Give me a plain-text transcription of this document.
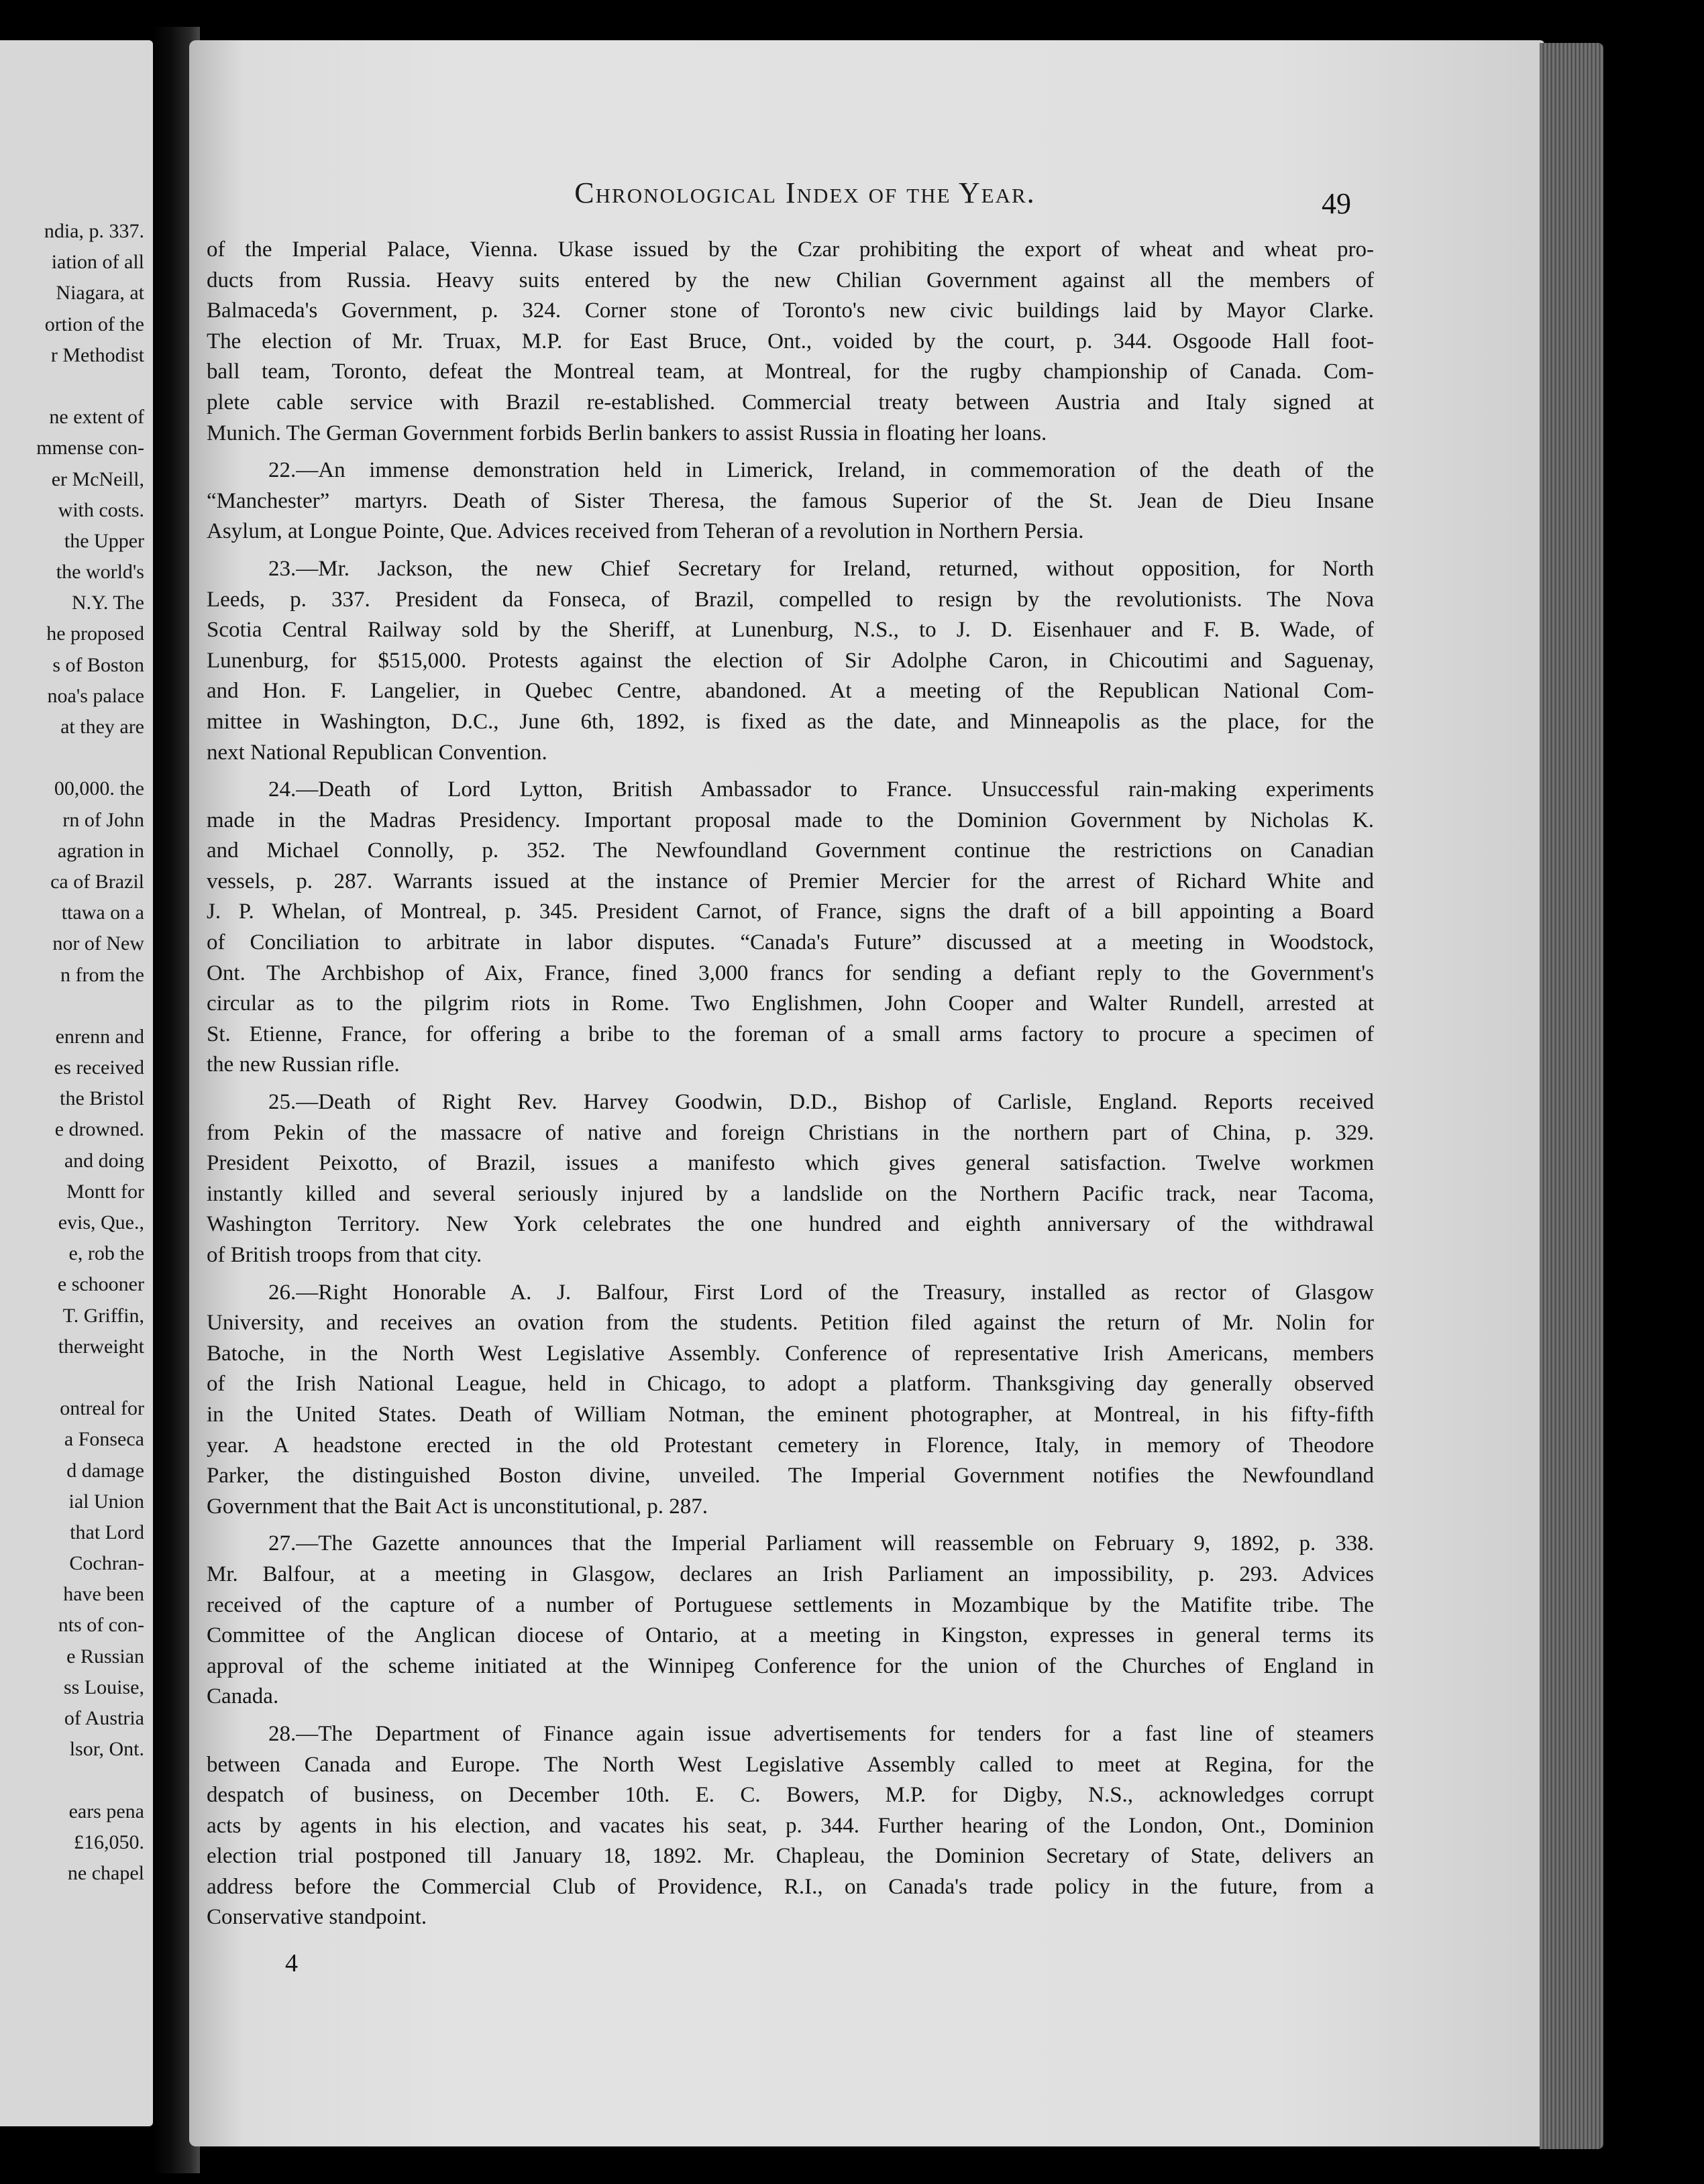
ndia, p. 337.
iation of all
Niagara, at
ortion of the
r Methodist
ne extent of
mmense con-
er McNeill,
with costs.
the Upper
the world's
N.Y. The
he proposed
s of Boston
noa's palace
at they are
00,000. the
rn of John
agration in
ca of Brazil
ttawa on a
nor of New
n from the
enrenn and
es received
the Bristol
e drowned.
and doing
Montt for
evis, Que.,
e, rob the
e schooner
T. Griffin,
therweight
ontreal for
a Fonseca
d damage
ial Union
that Lord
Cochran-
have been
nts of con-
e Russian
ss Louise,
of Austria
lsor, Ont.
ears pena
£16,050.
ne chapel
Chronological Index of the Year.	49
of the Imperial Palace, Vienna. Ukase issued by the Czar prohibiting the export of wheat and wheat pro-
ducts from Russia. Heavy suits entered by the new Chilian Government against all the members of
Balmaceda's Government, p. 324. Corner stone of Toronto's new civic buildings laid by Mayor Clarke.
The election of Mr. Truax, M.P. for East Bruce, Ont., voided by the court, p. 344. Osgoode Hall foot-
ball team, Toronto, defeat the Montreal team, at Montreal, for the rugby championship of Canada. Com-
plete cable service with Brazil re-established. Commercial treaty between Austria and Italy signed at
Munich. The German Government forbids Berlin bankers to assist Russia in floating her loans.
22.—An immense demonstration held in Limerick, Ireland, in commemoration of the death of the
“Manchester” martyrs. Death of Sister Theresa, the famous Superior of the St. Jean de Dieu Insane
Asylum, at Longue Pointe, Que. Advices received from Teheran of a revolution in Northern Persia.
23.—Mr. Jackson, the new Chief Secretary for Ireland, returned, without opposition, for North
Leeds, p. 337. President da Fonseca, of Brazil, compelled to resign by the revolutionists. The Nova
Scotia Central Railway sold by the Sheriff, at Lunenburg, N.S., to J. D. Eisenhauer and F. B. Wade, of
Lunenburg, for $515,000. Protests against the election of Sir Adolphe Caron, in Chicoutimi and Saguenay,
and Hon. F. Langelier, in Quebec Centre, abandoned. At a meeting of the Republican National Com-
mittee in Washington, D.C., June 6th, 1892, is fixed as the date, and Minneapolis as the place, for the
next National Republican Convention.
24.—Death of Lord Lytton, British Ambassador to France. Unsuccessful rain-making experiments
made in the Madras Presidency. Important proposal made to the Dominion Government by Nicholas K.
and Michael Connolly, p. 352. The Newfoundland Government continue the restrictions on Canadian
vessels, p. 287. Warrants issued at the instance of Premier Mercier for the arrest of Richard White and
J. P. Whelan, of Montreal, p. 345. President Carnot, of France, signs the draft of a bill appointing a Board
of Conciliation to arbitrate in labor disputes. “Canada's Future” discussed at a meeting in Woodstock,
Ont. The Archbishop of Aix, France, fined 3,000 francs for sending a defiant reply to the Government's
circular as to the pilgrim riots in Rome. Two Englishmen, John Cooper and Walter Rundell, arrested at
St. Etienne, France, for offering a bribe to the foreman of a small arms factory to procure a specimen of
the new Russian rifle.
25.—Death of Right Rev. Harvey Goodwin, D.D., Bishop of Carlisle, England. Reports received
from Pekin of the massacre of native and foreign Christians in the northern part of China, p. 329.
President Peixotto, of Brazil, issues a manifesto which gives general satisfaction. Twelve workmen
instantly killed and several seriously injured by a landslide on the Northern Pacific track, near Tacoma,
Washington Territory. New York celebrates the one hundred and eighth anniversary of the withdrawal
of British troops from that city.
26.—Right Honorable A. J. Balfour, First Lord of the Treasury, installed as rector of Glasgow
University, and receives an ovation from the students. Petition filed against the return of Mr. Nolin for
Batoche, in the North West Legislative Assembly. Conference of representative Irish Americans, members
of the Irish National League, held in Chicago, to adopt a platform. Thanksgiving day generally observed
in the United States. Death of William Notman, the eminent photographer, at Montreal, in his fifty-fifth
year. A headstone erected in the old Protestant cemetery in Florence, Italy, in memory of Theodore
Parker, the distinguished Boston divine, unveiled. The Imperial Government notifies the Newfoundland
Government that the Bait Act is unconstitutional, p. 287.
27.—The Gazette announces that the Imperial Parliament will reassemble on February 9, 1892, p. 338.
Mr. Balfour, at a meeting in Glasgow, declares an Irish Parliament an impossibility, p. 293. Advices
received of the capture of a number of Portuguese settlements in Mozambique by the Matifite tribe. The
Committee of the Anglican diocese of Ontario, at a meeting in Kingston, expresses in general terms its
approval of the scheme initiated at the Winnipeg Conference for the union of the Churches of England in
Canada.
28.—The Department of Finance again issue advertisements for tenders for a fast line of steamers
between Canada and Europe. The North West Legislative Assembly called to meet at Regina, for the
despatch of business, on December 10th. E. C. Bowers, M.P. for Digby, N.S., acknowledges corrupt
acts by agents in his election, and vacates his seat, p. 344. Further hearing of the London, Ont., Dominion
election trial postponed till January 18, 1892. Mr. Chapleau, the Dominion Secretary of State, delivers an
address before the Commercial Club of Providence, R.I., on Canada's trade policy in the future, from a
Conservative standpoint.
4
